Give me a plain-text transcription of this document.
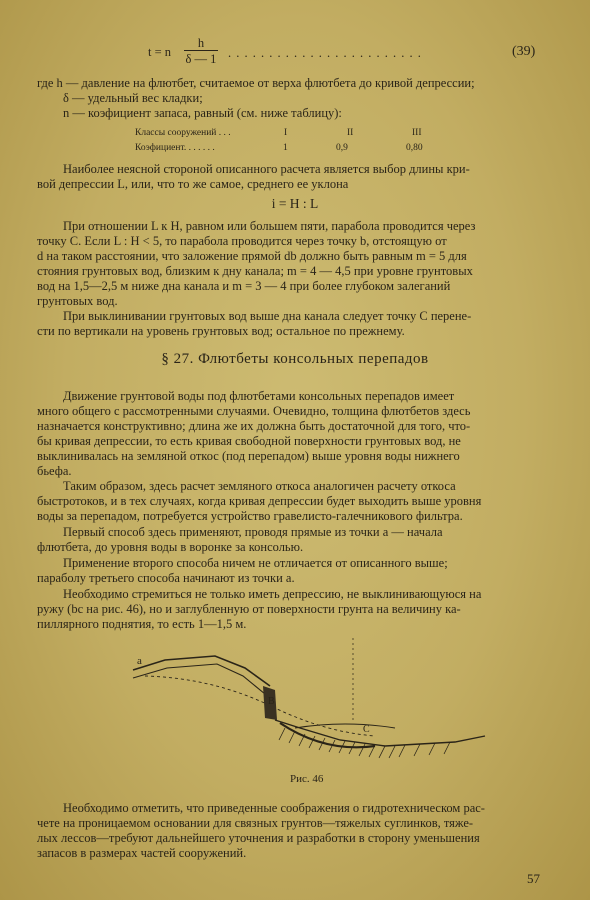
t = n
h
δ — 1 . . . . . . . . . . . . . . . . . . . . . . . .	(39)
где h — давление на флютбет, считаемое от верха флютбета до кривой депрессии;
δ — удельный вес кладки;
n — коэфициент запаса, равный (см. ниже таблицу):
Классы сооружений . . .	I	II	III
Коэфициент. . . . . . .	1	0,9	0,80
Наиболее неясной стороной описанного расчета является выбор длины кри-
вой депрессии L, или, что то же самое, среднего ее уклона
i = H : L
При отношении L к H, равном или большем пяти, парабола проводится через
точку C. Если L : H < 5, то парабола проводится через точку b, отстоящую от
d на таком расстоянии, что заложение прямой db должно быть равным m = 5 для
стояния грунтовых вод, близким к дну канала; m = 4 — 4,5 при уровне грунтовых
вод на 1,5—2,5 м ниже дна канала и m = 3 — 4 при более глубоком залеганий
грунтовых вод.
При выклинивании грунтовых вод выше дна канала следует точку C перене-
сти по вертикали на уровень грунтовых вод; остальное по прежнему.
§ 27. Флютбеты консольных перепадов
Движение грунтовой воды под флютбетами консольных перепадов имеет
много общего с рассмотренными случаями. Очевидно, толщина флютбетов здесь
назначается конструктивно; длина же их должна быть достаточной для того, что-
бы кривая депрессии, то есть кривая свободной поверхности грунтовых вод, не
выклинивалась на земляной откос (под перепадом) выше уровня воды нижнего
бьефа.
Таким образом, здесь расчет земляного откоса аналогичен расчету откоса
быстротоков, и в тех случаях, когда кривая депрессии будет выходить выше уровня
воды за перепадом, потребуется устройство гравелисто-галечникового фильтра.
Первый способ здесь применяют, проводя прямые из точки a — начала
флютбета, до уровня воды в воронке за консолью.
Применение второго способа ничем не отличается от описанного выше;
параболу третьего способа начинают из точки a.
Необходимо стремиться не только иметь депрессию, не выклинивающуюся на
ружу (bc на рис. 46), но и заглубленную от поверхности грунта на величину ка-
пиллярного поднятия, то есть 1—1,5 м.
a
B
C
Рис. 46
Необходимо отметить, что приведенные соображения о гидротехническом рас-
чете на проницаемом основании для связных грунтов—тяжелых суглинков, тяже-
лых лессов—требуют дальнейшего уточнения и разработки в сторону уменьшения
запасов в размерах частей сооружений.
57
